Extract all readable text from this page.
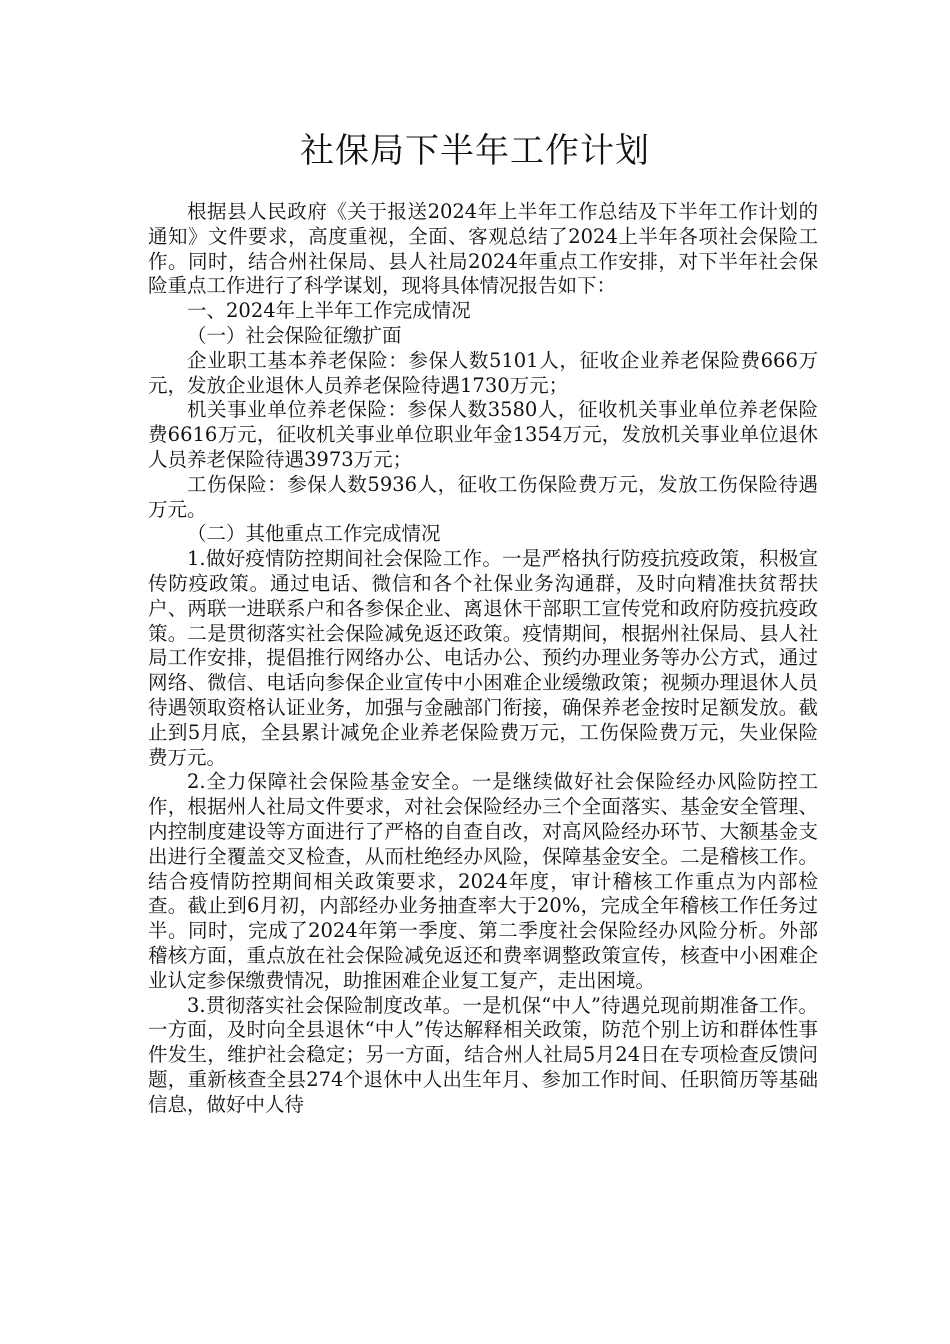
社保局下半年工作计划

根据县人民政府《关于报送2024年上半年工作总结及下半年工作计划的通知》文件要求，高度重视，全面、客观总结了2024上半年各项社会保险工作。同时，结合州社保局、县人社局2024年重点工作安排，对下半年社会保险重点工作进行了科学谋划，现将具体情况报告如下：

一、2024年上半年工作完成情况

（一）社会保险征缴扩面

企业职工基本养老保险：参保人数5101人，征收企业养老保险费666万元，发放企业退休人员养老保险待遇1730万元；

机关事业单位养老保险：参保人数3580人，征收机关事业单位养老保险费6616万元，征收机关事业单位职业年金1354万元，发放机关事业单位退休人员养老保险待遇3973万元；

工伤保险：参保人数5936人，征收工伤保险费万元，发放工伤保险待遇万元。

（二）其他重点工作完成情况

1.做好疫情防控期间社会保险工作。一是严格执行防疫抗疫政策，积极宣传防疫政策。通过电话、微信和各个社保业务沟通群，及时向精准扶贫帮扶户、两联一进联系户和各参保企业、离退休干部职工宣传党和政府防疫抗疫政策。二是贯彻落实社会保险减免返还政策。疫情期间，根据州社保局、县人社局工作安排，提倡推行网络办公、电话办公、预约办理业务等办公方式，通过网络、微信、电话向参保企业宣传中小困难企业缓缴政策；视频办理退休人员待遇领取资格认证业务，加强与金融部门衔接，确保养老金按时足额发放。截止到5月底，全县累计减免企业养老保险费万元，工伤保险费万元，失业保险费万元。

2.全力保障社会保险基金安全。一是继续做好社会保险经办风险防控工作，根据州人社局文件要求，对社会保险经办三个全面落实、基金安全管理、内控制度建设等方面进行了严格的自查自改，对高风险经办环节、大额基金支出进行全覆盖交叉检查，从而杜绝经办风险，保障基金安全。二是稽核工作。结合疫情防控期间相关政策要求，2024年度，审计稽核工作重点为内部检查。截止到6月初，内部经办业务抽查率大于20%，完成全年稽核工作任务过半。同时，完成了2024年第一季度、第二季度社会保险经办风险分析。外部稽核方面，重点放在社会保险减免返还和费率调整政策宣传，核查中小困难企业认定参保缴费情况，助推困难企业复工复产，走出困境。

3.贯彻落实社会保险制度改革。一是机保“中人”待遇兑现前期准备工作。一方面，及时向全县退休“中人”传达解释相关政策，防范个别上访和群体性事件发生，维护社会稳定；另一方面，结合州人社局5月24日在专项检查反馈问题，重新核查全县274个退休中人出生年月、参加工作时间、任职简历等基础信息，做好中人待
